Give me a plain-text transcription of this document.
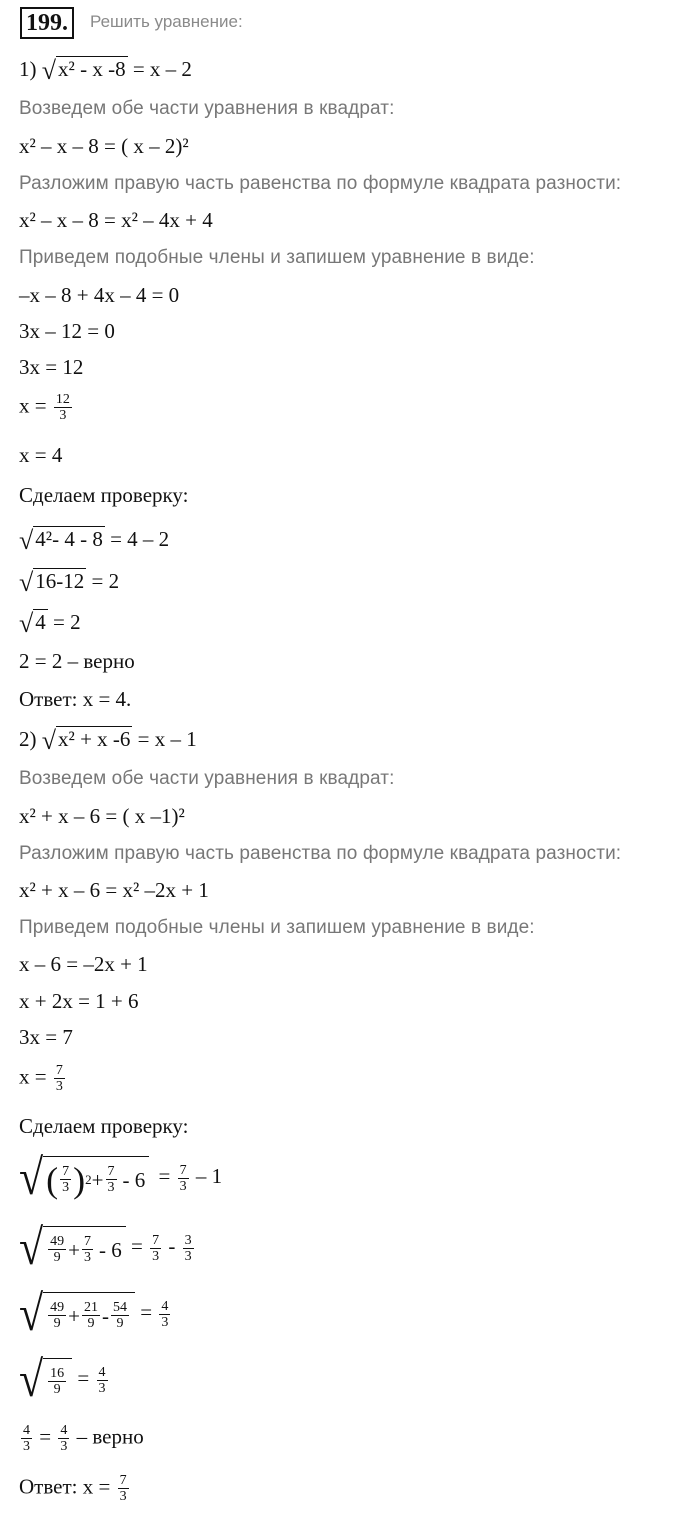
199.	Решить уравнение:
1) √x² - x -8 = x – 2
Возведем обе части уравнения в квадрат:
x² – x – 8 = ( x – 2)²
Разложим правую часть равенства по формуле квадрата разности:
x² – x – 8 = x² – 4x + 4
Приведем подобные члены и запишем уравнение в виде:
–x – 8 + 4x – 4 = 0
3x – 12 = 0
3x = 12
$x = \frac{12}{3}$
x = 4
Сделаем проверку:
√4²- 4 - 8 = 4 – 2
√16-12 = 2
√4 = 2
2 = 2 – верно
Ответ: x = 4.
2) √x² + x -6 = x – 1
Возведем обе части уравнения в квадрат:
x² + x – 6 = ( x –1)²
Разложим правую часть равенства по формуле квадрата разности:
x² + x – 6 = x² –2x + 1
Приведем подобные члены и запишем уравнение в виде:
x – 6 = –2x + 1
x + 2x = 1 + 6
3x = 7
$x = \frac{7}{3}$
Сделаем проверку:
√ ( $\frac{7}{3}$ ) $2 + \frac{7}{3} - 6 = \frac{7}{3} - 1$
√ $\frac{49}{9} + \frac{7}{3} - 6 = \frac{7}{3} - \frac{3}{3}$
√ $\frac{49}{9} + \frac{21}{9} - \frac{54}{9} = \frac{4}{3}$
√ $\frac{16}{9} = \frac{4}{3}$
$\frac{4}{3} = \frac{4}{3}$ – верно
Ответ: $x = \frac{7}{3}$
